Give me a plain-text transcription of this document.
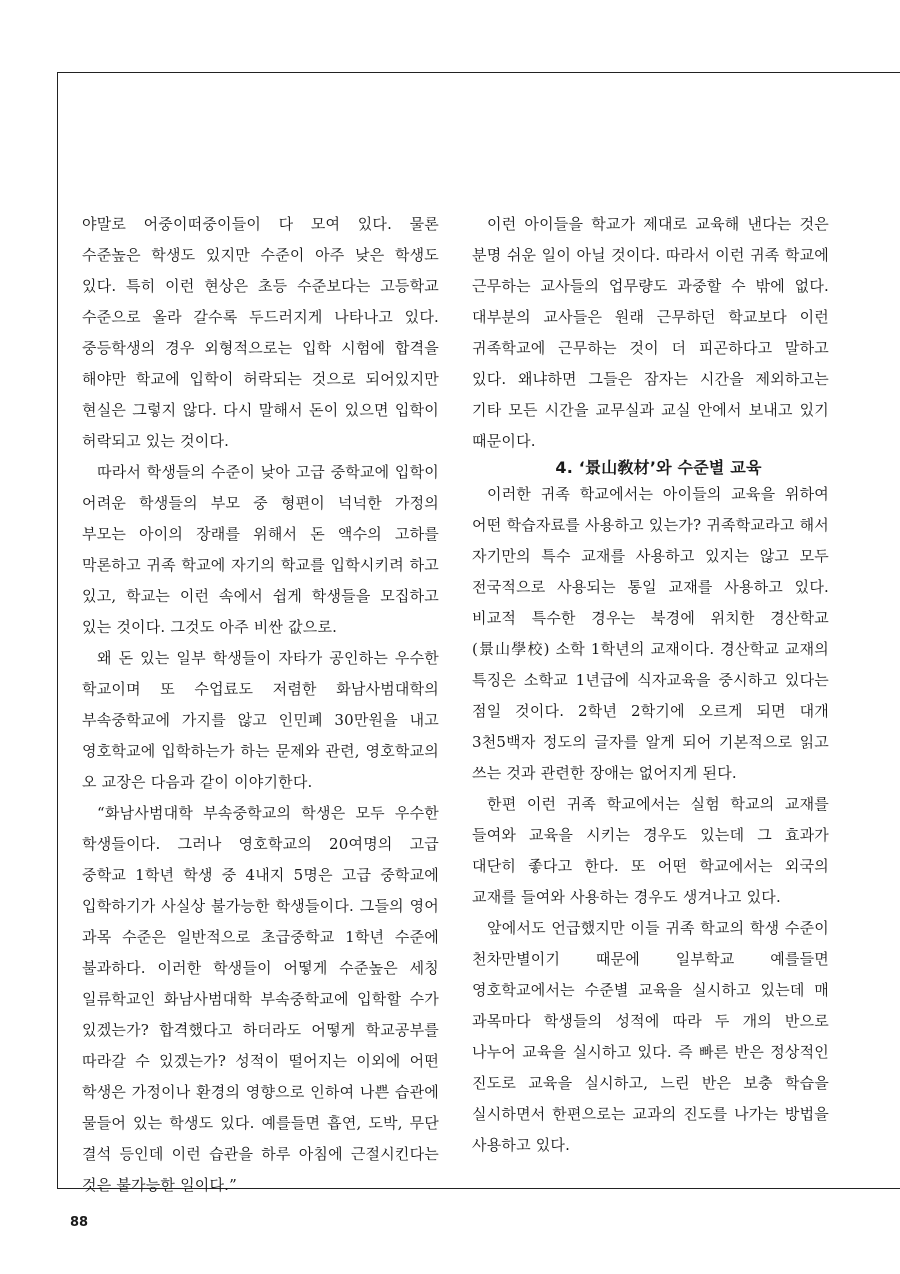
야말로 어중이떠중이들이 다 모여 있다. 물론 수준높은 학생도 있지만 수준이 아주 낮은 학생도 있다. 특히 이런 현상은 초등 수준보다는 고등학교 수준으로 올라 갈수록 두드러지게 나타나고 있다. 중등학생의 경우 외형적으로는 입학 시험에 합격을 해야만 학교에 입학이 허락되는 것으로 되어있지만 현실은 그렇지 않다. 다시 말해서 돈이 있으면 입학이 허락되고 있는 것이다.

따라서 학생들의 수준이 낮아 고급 중학교에 입학이 어려운 학생들의 부모 중 형편이 넉넉한 가정의 부모는 아이의 장래를 위해서 돈 액수의 고하를 막론하고 귀족 학교에 자기의 학교를 입학시키려 하고 있고, 학교는 이런 속에서 쉽게 학생들을 모집하고 있는 것이다. 그것도 아주 비싼 값으로.

왜 돈 있는 일부 학생들이 자타가 공인하는 우수한 학교이며 또 수업료도 저렴한 화남사범대학의 부속중학교에 가지를 않고 인민폐 30만원을 내고 영호학교에 입학하는가 하는 문제와 관련, 영호학교의 오 교장은 다음과 같이 이야기한다.

“화남사범대학 부속중학교의 학생은 모두 우수한 학생들이다. 그러나 영호학교의 20여명의 고급 중학교 1학년 학생 중 4내지 5명은 고급 중학교에 입학하기가 사실상 불가능한 학생들이다. 그들의 영어 과목 수준은 일반적으로 초급중학교 1학년 수준에 불과하다. 이러한 학생들이 어떻게 수준높은 세칭 일류학교인 화남사범대학 부속중학교에 입학할 수가 있겠는가? 합격했다고 하더라도 어떻게 학교공부를 따라갈 수 있겠는가? 성적이 떨어지는 이외에 어떤 학생은 가정이나 환경의 영향으로 인하여 나쁜 습관에 물들어 있는 학생도 있다. 예를들면 흡연, 도박, 무단 결석 등인데 이런 습관을 하루 아침에 근절시킨다는 것은 불가능한 일이다.”

이런 아이들을 학교가 제대로 교육해 낸다는 것은 분명 쉬운 일이 아닐 것이다. 따라서 이런 귀족 학교에 근무하는 교사들의 업무량도 과중할 수 밖에 없다. 대부분의 교사들은 원래 근무하던 학교보다 이런 귀족학교에 근무하는 것이 더 피곤하다고 말하고 있다. 왜냐하면 그들은 잠자는 시간을 제외하고는 기타 모든 시간을 교무실과 교실 안에서 보내고 있기 때문이다.

4. ‘景山敎材’와 수준별 교육

이러한 귀족 학교에서는 아이들의 교육을 위하여 어떤 학습자료를 사용하고 있는가? 귀족학교라고 해서 자기만의 특수 교재를 사용하고 있지는 않고 모두 전국적으로 사용되는 통일 교재를 사용하고 있다. 비교적 특수한 경우는 북경에 위치한 경산학교(景山學校) 소학 1학년의 교재이다. 경산학교 교재의 특징은 소학교 1년급에 식자교육을 중시하고 있다는 점일 것이다. 2학년 2학기에 오르게 되면 대개 3천5백자 정도의 글자를 알게 되어 기본적으로 읽고 쓰는 것과 관련한 장애는 없어지게 된다.

한편 이런 귀족 학교에서는 실험 학교의 교재를 들여와 교육을 시키는 경우도 있는데 그 효과가 대단히 좋다고 한다. 또 어떤 학교에서는 외국의 교재를 들여와 사용하는 경우도 생겨나고 있다.

앞에서도 언급했지만 이들 귀족 학교의 학생 수준이 천차만별이기 때문에 일부학교 예를들면 영호학교에서는 수준별 교육을 실시하고 있는데 매 과목마다 학생들의 성적에 따라 두 개의 반으로 나누어 교육을 실시하고 있다. 즉 빠른 반은 정상적인 진도로 교육을 실시하고, 느린 반은 보충 학습을 실시하면서 한편으로는 교과의 진도를 나가는 방법을 사용하고 있다.

88
